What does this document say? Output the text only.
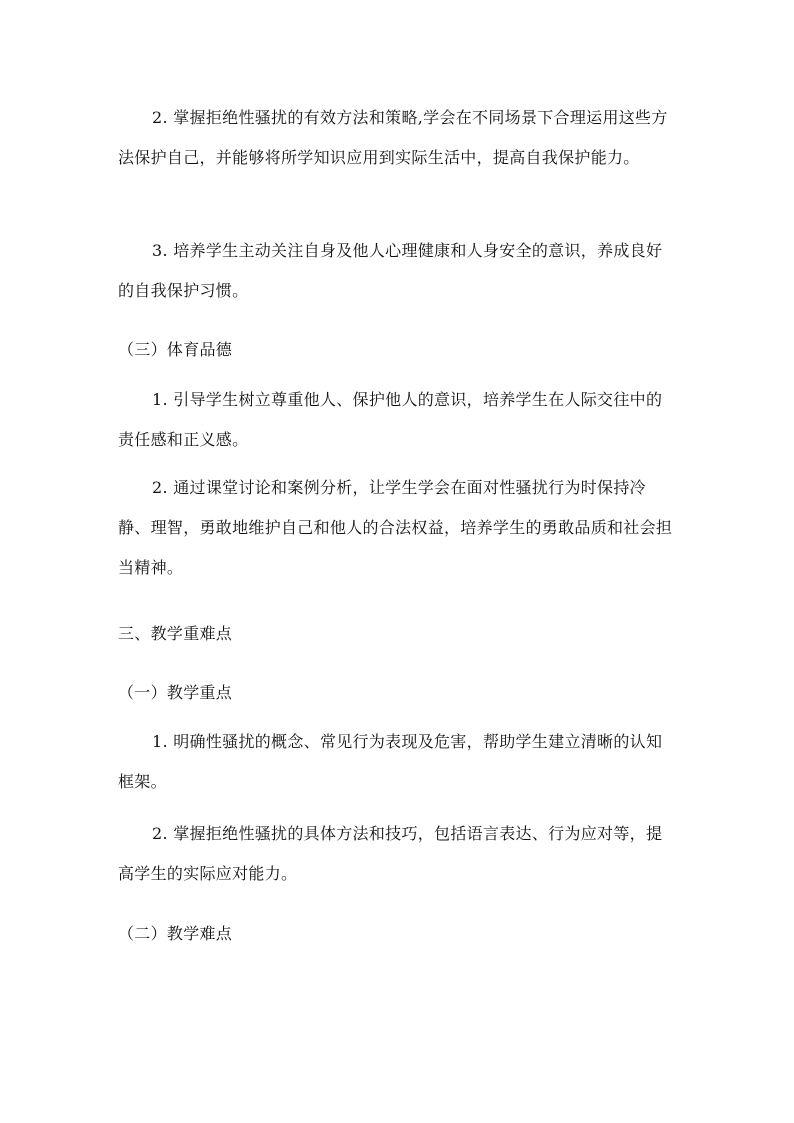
2. 掌握拒绝性骚扰的有效方法和策略,学会在不同场景下合理运用这些方法保护自己，并能够将所学知识应用到实际生活中，提高自我保护能力。

3. 培养学生主动关注自身及他人心理健康和人身安全的意识，养成良好的自我保护习惯。

（三）体育品德

1. 引导学生树立尊重他人、保护他人的意识，培养学生在人际交往中的责任感和正义感。

2. 通过课堂讨论和案例分析，让学生学会在面对性骚扰行为时保持冷静、理智，勇敢地维护自己和他人的合法权益，培养学生的勇敢品质和社会担当精神。

三、教学重难点

（一）教学重点

1. 明确性骚扰的概念、常见行为表现及危害，帮助学生建立清晰的认知框架。

2. 掌握拒绝性骚扰的具体方法和技巧，包括语言表达、行为应对等，提高学生的实际应对能力。

（二）教学难点
